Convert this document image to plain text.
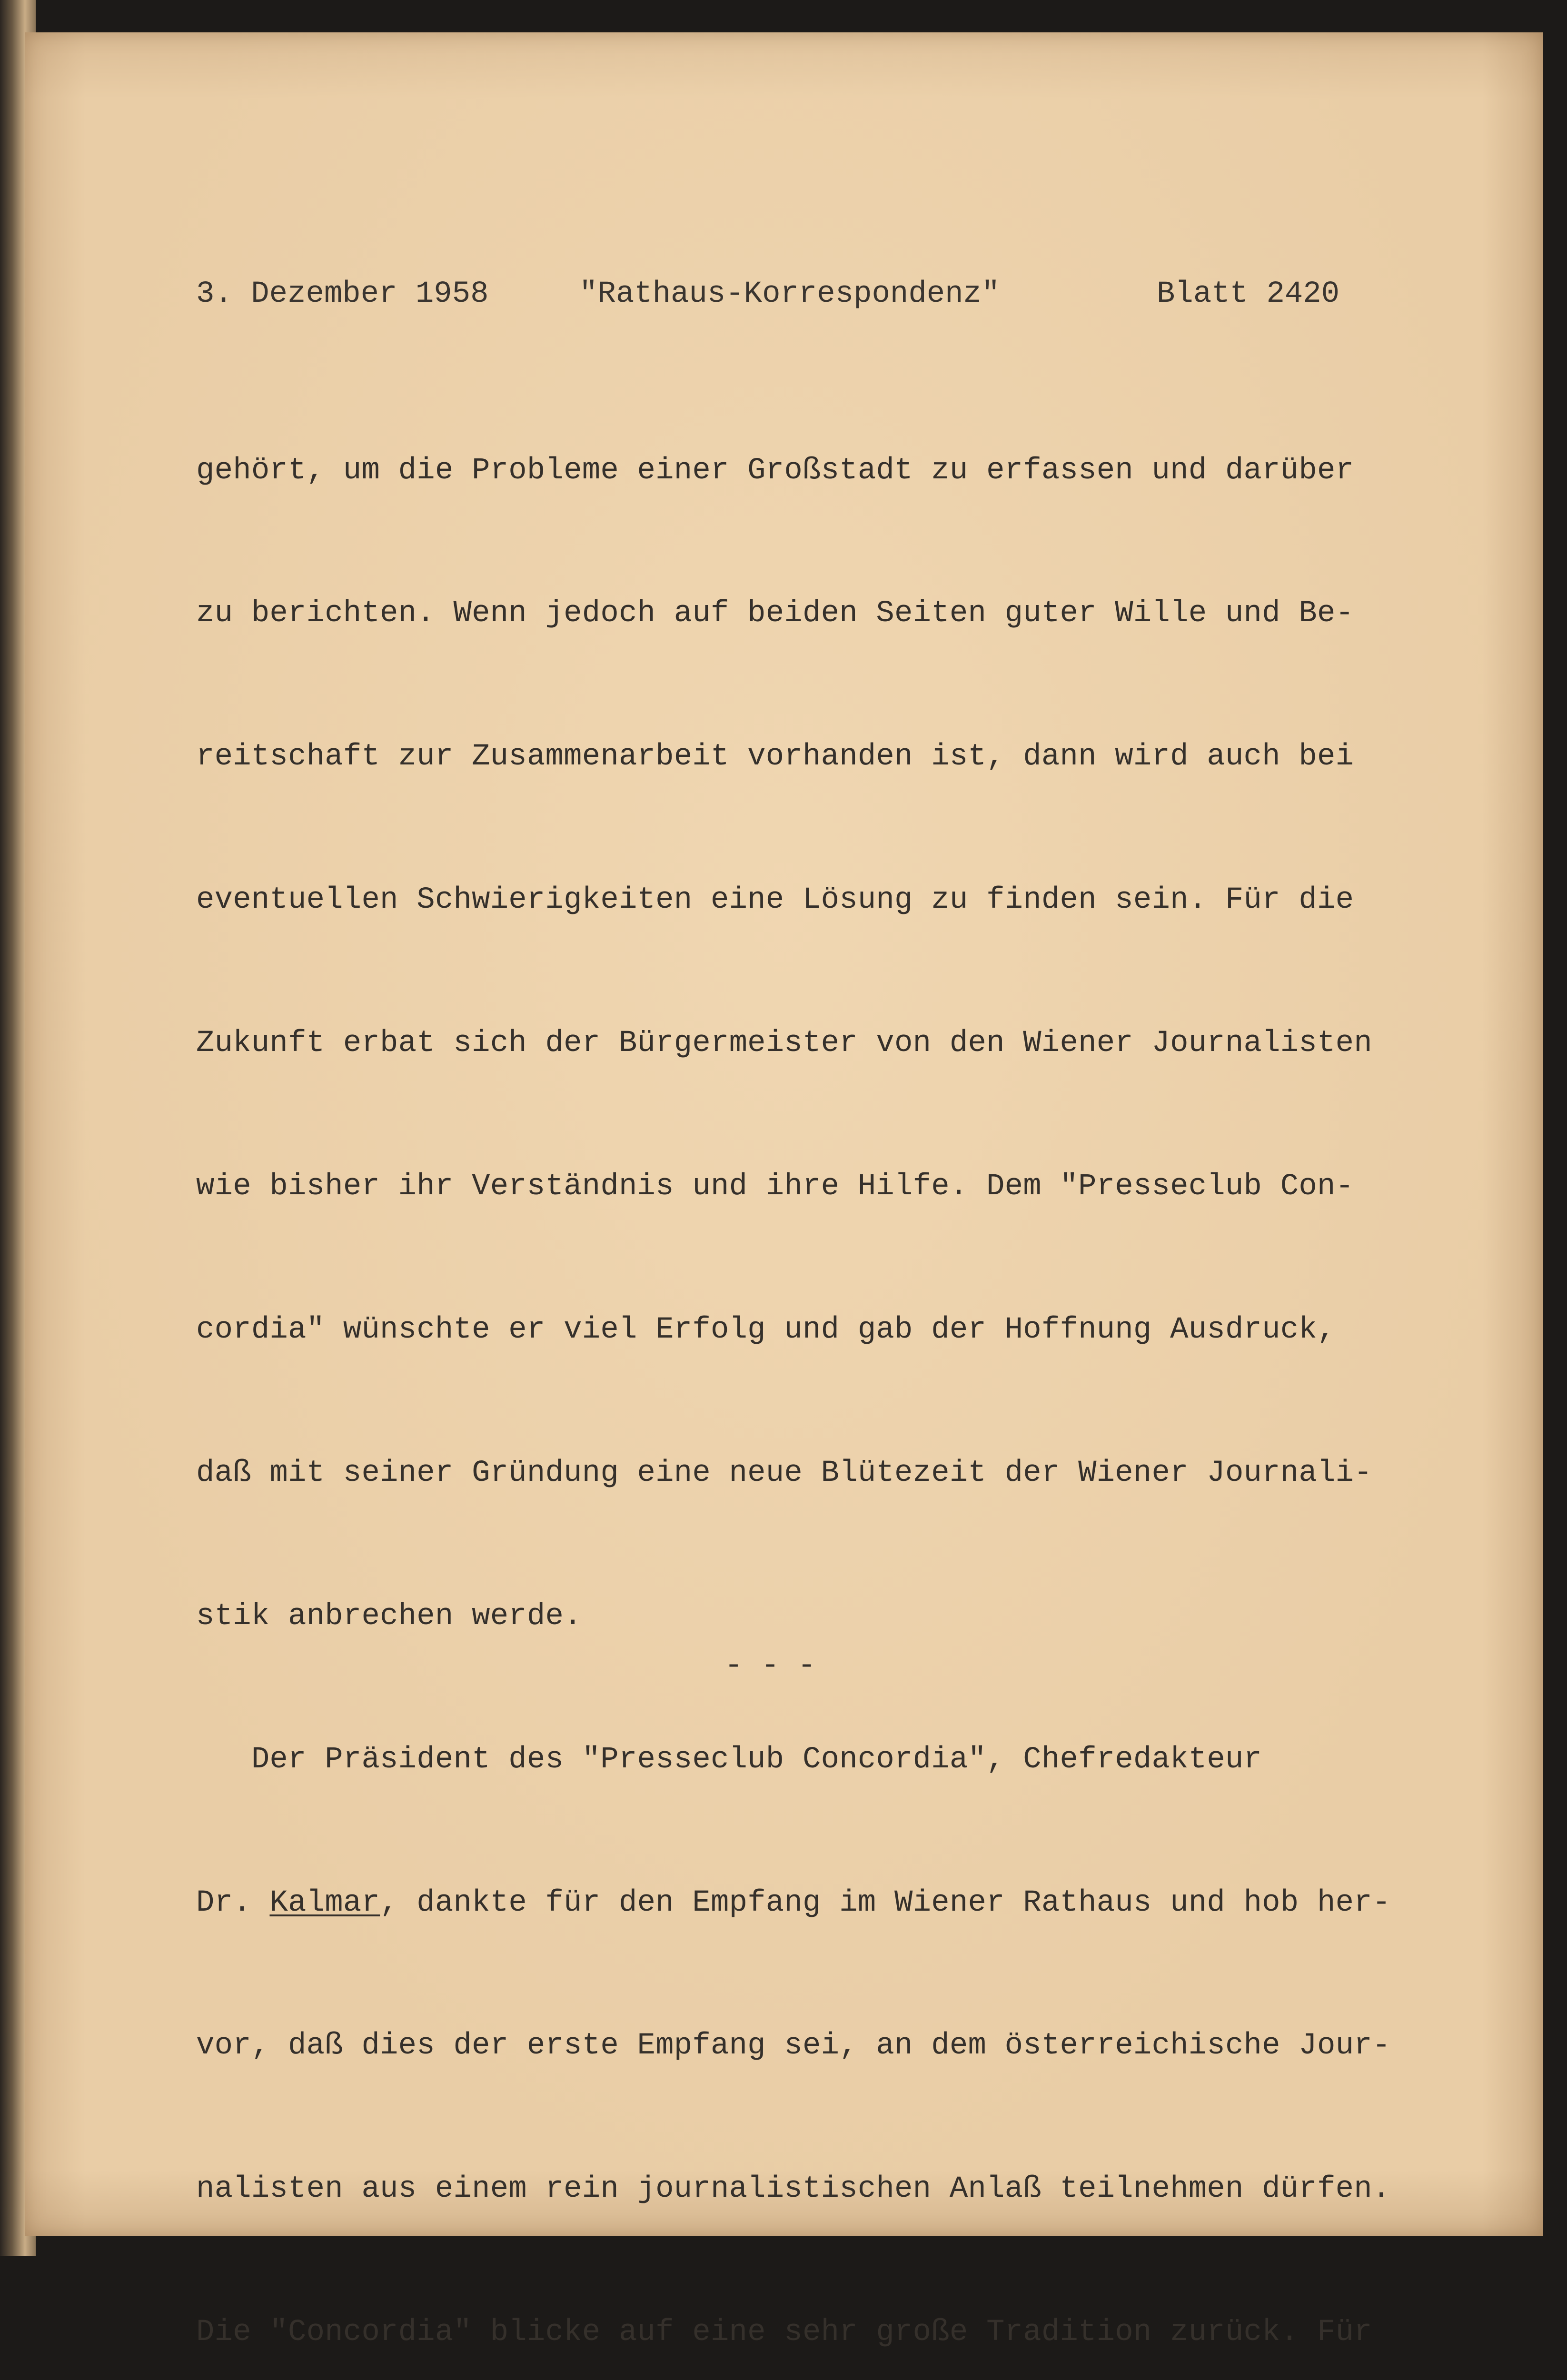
3. Dezember 1958

	"Rathaus-Korrespondenz"

	Blatt 2420

gehört, um die Probleme einer Großstadt zu erfassen und darüber

zu berichten. Wenn jedoch auf beiden Seiten guter Wille und Be-

reitschaft zur Zusammenarbeit vorhanden ist, dann wird auch bei

eventuellen Schwierigkeiten eine Lösung zu finden sein. Für die

Zukunft erbat sich der Bürgermeister von den Wiener Journalisten

wie bisher ihr Verständnis und ihre Hilfe. Dem "Presseclub Con-

cordia" wünschte er viel Erfolg und gab der Hoffnung Ausdruck,

daß mit seiner Gründung eine neue Blütezeit der Wiener Journali-

stik anbrechen werde.

Der Präsident des "Presseclub Concordia", Chefredakteur

Dr. Kalmar, dankte für den Empfang im Wiener Rathaus und hob her-

vor, daß dies der erste Empfang sei, an dem österreichische Jour-

nalisten aus einem rein journalistischen Anlaß teilnehmen dürfen.

Die "Concordia" blicke auf eine sehr große Tradition zurück. Für

- - -
